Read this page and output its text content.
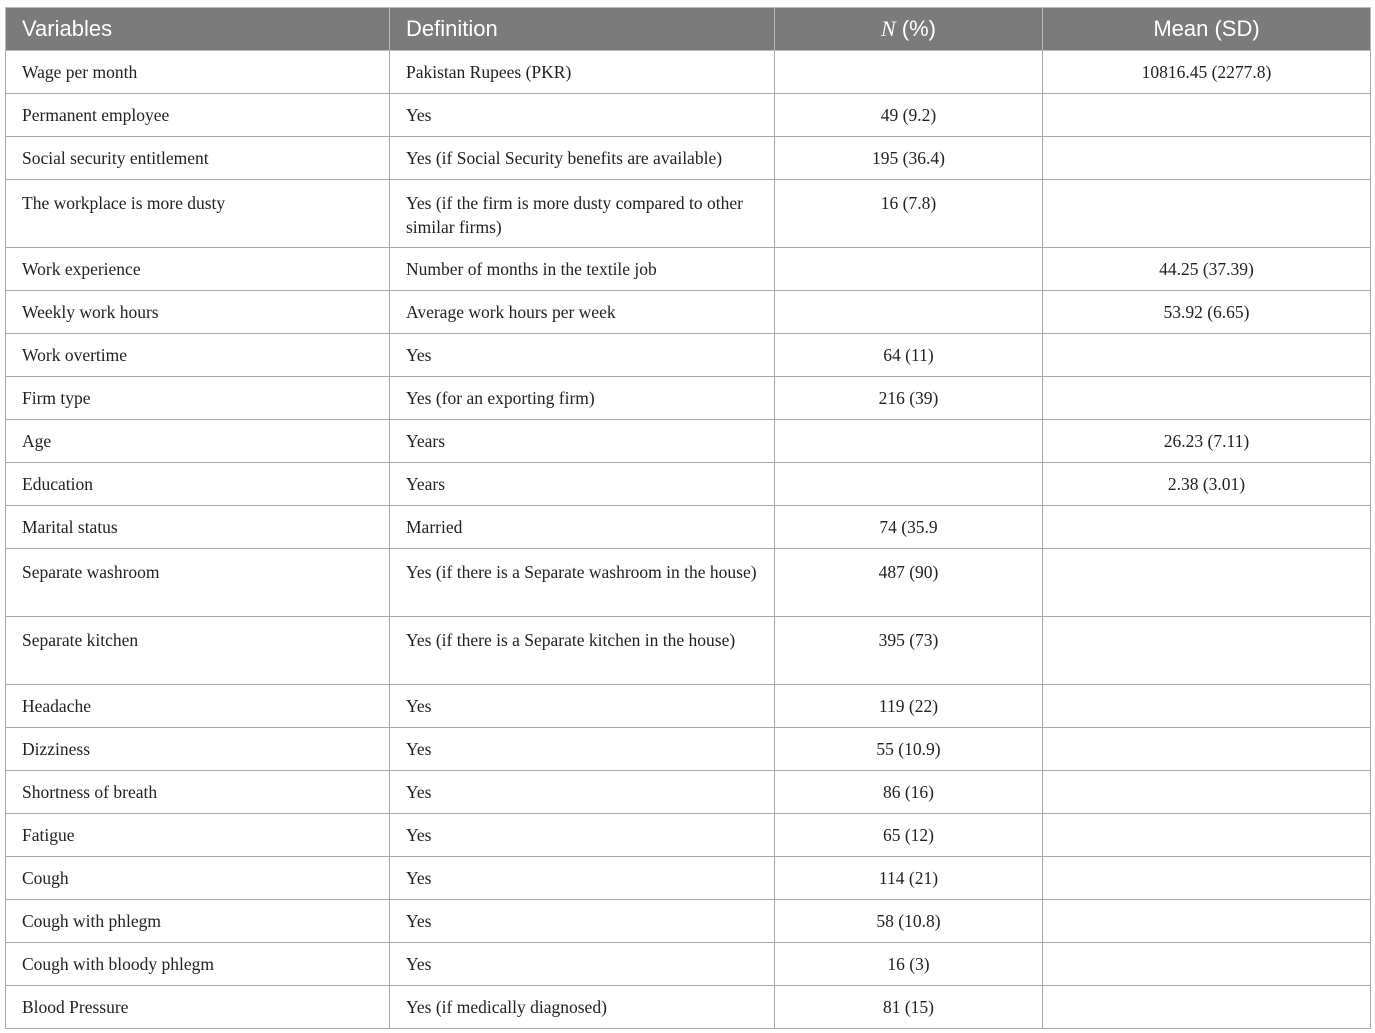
Variables	Definition	N (%)	Mean (SD)
Wage per month	Pakistan Rupees (PKR)		10816.45 (2277.8)
Permanent employee	Yes	49 (9.2)	
Social security entitlement	Yes (if Social Security benefits are available)	195 (36.4)	
The workplace is more dusty	Yes (if the firm is more dusty compared to other similar firms)	16 (7.8)	
Work experience	Number of months in the textile job		44.25 (37.39)
Weekly work hours	Average work hours per week		53.92 (6.65)
Work overtime	Yes	64 (11)	
Firm type	Yes (for an exporting firm)	216 (39)	
Age	Years		26.23 (7.11)
Education	Years		2.38 (3.01)
Marital status	Married	74 (35.9	
Separate washroom	Yes (if there is a Separate washroom in the house)	487 (90)	
Separate kitchen	Yes (if there is a Separate kitchen in the house)	395 (73)	
Headache	Yes	119 (22)	
Dizziness	Yes	55 (10.9)	
Shortness of breath	Yes	86 (16)	
Fatigue	Yes	65 (12)	
Cough	Yes	114 (21)	
Cough with phlegm	Yes	58 (10.8)	
Cough with bloody phlegm	Yes	16 (3)	
Blood Pressure	Yes (if medically diagnosed)	81 (15)	
